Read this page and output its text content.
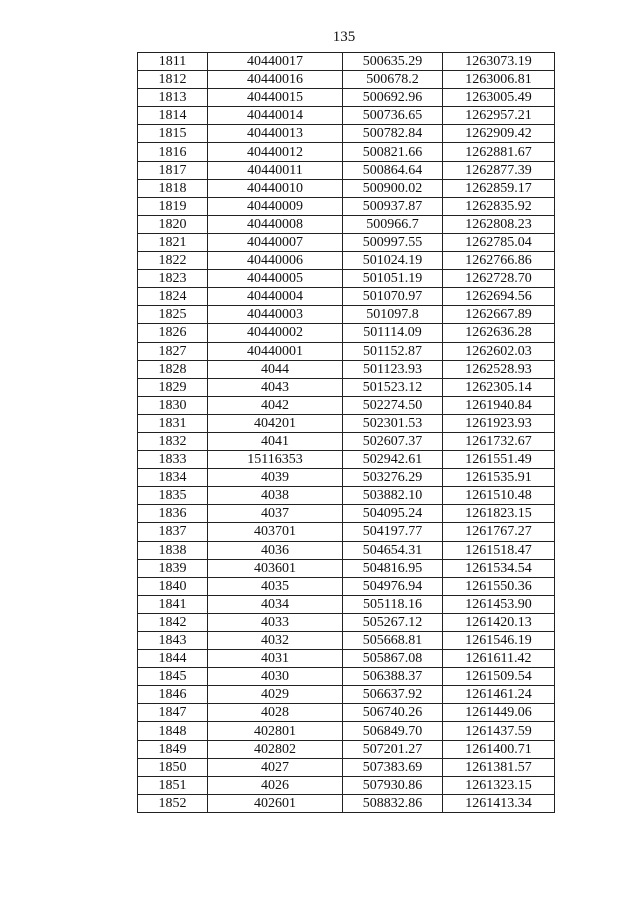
135
1811	40440017	500635.29	1263073.19
1812	40440016	500678.2	1263006.81
1813	40440015	500692.96	1263005.49
1814	40440014	500736.65	1262957.21
1815	40440013	500782.84	1262909.42
1816	40440012	500821.66	1262881.67
1817	40440011	500864.64	1262877.39
1818	40440010	500900.02	1262859.17
1819	40440009	500937.87	1262835.92
1820	40440008	500966.7	1262808.23
1821	40440007	500997.55	1262785.04
1822	40440006	501024.19	1262766.86
1823	40440005	501051.19	1262728.70
1824	40440004	501070.97	1262694.56
1825	40440003	501097.8	1262667.89
1826	40440002	501114.09	1262636.28
1827	40440001	501152.87	1262602.03
1828	4044	501123.93	1262528.93
1829	4043	501523.12	1262305.14
1830	4042	502274.50	1261940.84
1831	404201	502301.53	1261923.93
1832	4041	502607.37	1261732.67
1833	15116353	502942.61	1261551.49
1834	4039	503276.29	1261535.91
1835	4038	503882.10	1261510.48
1836	4037	504095.24	1261823.15
1837	403701	504197.77	1261767.27
1838	4036	504654.31	1261518.47
1839	403601	504816.95	1261534.54
1840	4035	504976.94	1261550.36
1841	4034	505118.16	1261453.90
1842	4033	505267.12	1261420.13
1843	4032	505668.81	1261546.19
1844	4031	505867.08	1261611.42
1845	4030	506388.37	1261509.54
1846	4029	506637.92	1261461.24
1847	4028	506740.26	1261449.06
1848	402801	506849.70	1261437.59
1849	402802	507201.27	1261400.71
1850	4027	507383.69	1261381.57
1851	4026	507930.86	1261323.15
1852	402601	508832.86	1261413.34
